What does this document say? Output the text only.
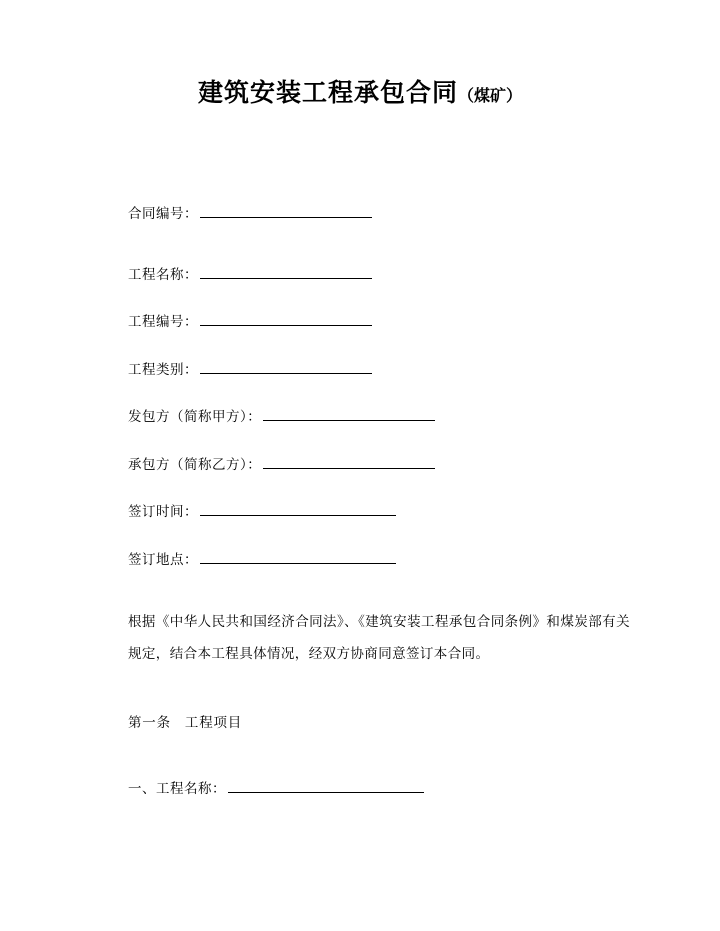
建筑安装工程承包合同（煤矿）
合同编号：
工程名称：
工程编号：
工程类别：
发包方（简称甲方）：
承包方（简称乙方）：
签订时间：
签订地点：

根据《中华人民共和国经济合同法》、《建筑安装工程承包合同条例》和煤炭部有关规定，结合本工程具体情况，经双方协商同意签订本合同。

第一条 工程项目
一、工程名称：
